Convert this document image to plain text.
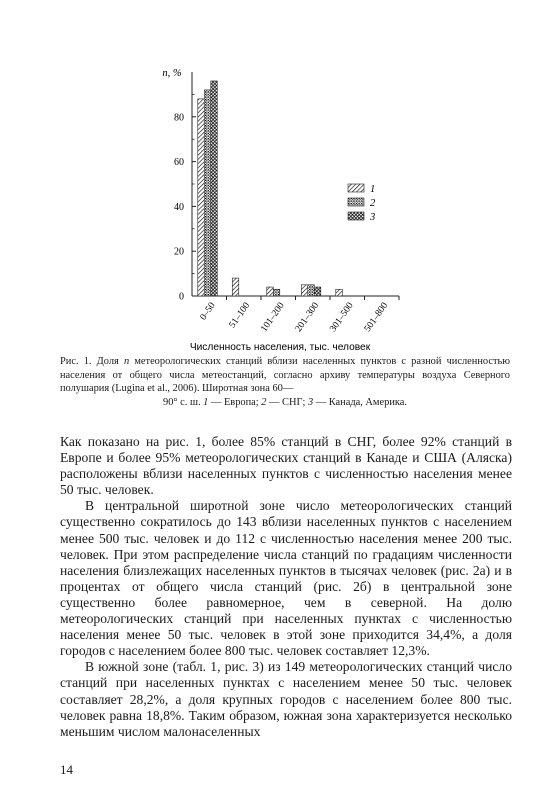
0
20
40
60
80
n, %
0–50 51–100 101–200 201–300 301–500 501–800
Численность населения, тыс. человек
1
2
3

Рис. 1. Доля n метеорологических станций вблизи населенных пунктов с разной численностью населения от общего числа метеостанций, согласно архиву температуры воздуха Северного полушария (Lugina et al., 2006). Широтная зона 60—
90° с. ш. 1 — Европа; 2 — СНГ; 3 — Канада, Америка.

Как показано на рис. 1, более 85% станций в СНГ, более 92% станций в Европе и более 95% метеорологических станций в Канаде и США (Аляска) расположены вблизи населенных пунктов с численностью населения менее 50 тыс. человек.

В центральной широтной зоне число метеорологических станций существенно сократилось до 143 вблизи населенных пунктов с населением менее 500 тыс. человек и до 112 с численностью населения менее 200 тыс. человек. При этом распределение числа станций по градациям численности населения близлежащих населенных пунктов в тысячах человек (рис. 2а) и в процентах от общего числа станций (рис. 2б) в центральной зоне существенно более равномерное, чем в северной. На долю метеорологических станций при населенных пунктах с численностью населения менее 50 тыс. человек в этой зоне приходится 34,4%, а доля городов с населением более 800 тыс. человек составляет 12,3%.

В южной зоне (табл. 1, рис. 3) из 149 метеорологических станций число станций при населенных пунктах с населением менее 50 тыс. человек составляет 28,2%, а доля крупных городов с населением более 800 тыс. человек равна 18,8%. Таким образом, южная зона характеризуется несколько меньшим числом малонаселенных

14
